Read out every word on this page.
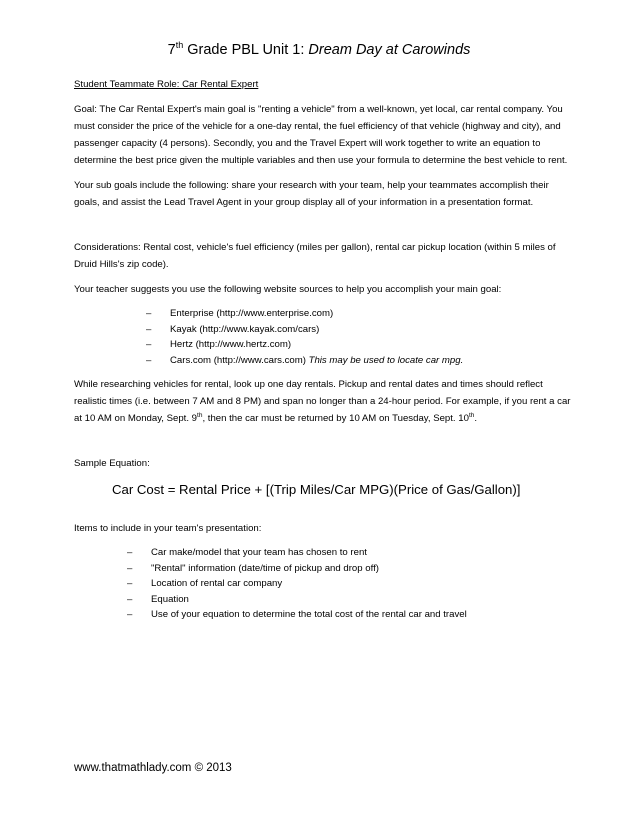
7th Grade PBL Unit 1: Dream Day at Carowinds

Student Teammate Role: Car Rental Expert

Goal: The Car Rental Expert's main goal is "renting a vehicle" from a well-known, yet local, car rental company. You must consider the price of the vehicle for a one-day rental, the fuel efficiency of that vehicle (highway and city), and passenger capacity (4 persons). Secondly, you and the Travel Expert will work together to write an equation to determine the best price given the multiple variables and then use your formula to determine the best vehicle to rent.

Your sub goals include the following: share your research with your team, help your teammates accomplish their goals, and assist the Lead Travel Agent in your group display all of your information in a presentation format.

Considerations: Rental cost, vehicle's fuel efficiency (miles per gallon), rental car pickup location (within 5 miles of Druid Hills's zip code).

Your teacher suggests you use the following website sources to help you accomplish your main goal:

– Enterprise (http://www.enterprise.com)
– Kayak (http://www.kayak.com/cars)
– Hertz (http://www.hertz.com)
– Cars.com (http://www.cars.com) This may be used to locate car mpg.

While researching vehicles for rental, look up one day rentals. Pickup and rental dates and times should reflect realistic times (i.e. between 7 AM and 8 PM) and span no longer than a 24-hour period. For example, if you rent a car at 10 AM on Monday, Sept. 9th, then the car must be returned by 10 AM on Tuesday, Sept. 10th.

Sample Equation:

Car Cost = Rental Price + [(Trip Miles/Car MPG)(Price of Gas/Gallon)]

Items to include in your team's presentation:

– Car make/model that your team has chosen to rent
– "Rental" information (date/time of pickup and drop off)
– Location of rental car company
– Equation
– Use of your equation to determine the total cost of the rental car and travel
www.thatmathlady.com © 2013
